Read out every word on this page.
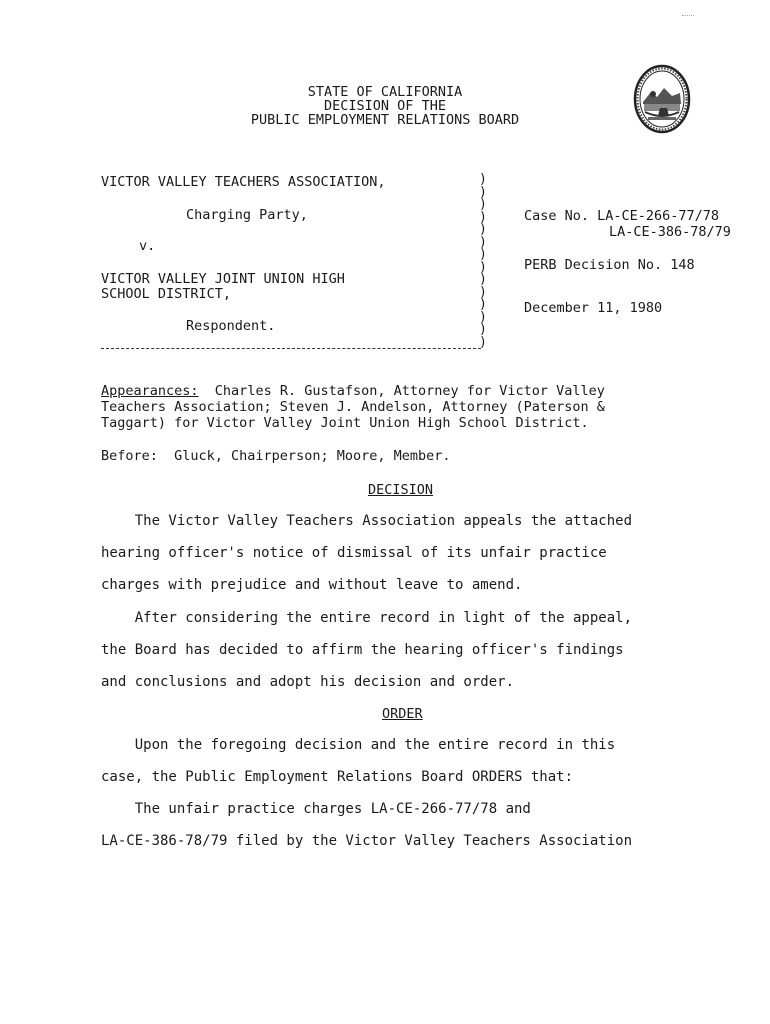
STATE OF CALIFORNIA
DECISION OF THE
PUBLIC EMPLOYMENT RELATIONS BOARD
VICTOR VALLEY TEACHERS ASSOCIATION,
Charging Party,
v.
VICTOR VALLEY JOINT UNION HIGH
SCHOOL DISTRICT,
Respondent.
)
)
)
)
)
)
)
)
)
)
)
)
)
)
Case No. LA-CE-266-77/78
LA-CE-386-78/79
PERB Decision No. 148
December 11, 1980
Appearances:  Charles R. Gustafson, Attorney for Victor Valley
Teachers Association; Steven J. Andelson, Attorney (Paterson &
Taggart) for Victor Valley Joint Union High School District.
Before:  Gluck, Chairperson; Moore, Member.
DECISION
The Victor Valley Teachers Association appeals the attached
hearing officer's notice of dismissal of its unfair practice
charges with prejudice and without leave to amend.
After considering the entire record in light of the appeal,
the Board has decided to affirm the hearing officer's findings
and conclusions and adopt his decision and order.
ORDER
Upon the foregoing decision and the entire record in this
case, the Public Employment Relations Board ORDERS that:
The unfair practice charges LA-CE-266-77/78 and
LA-CE-386-78/79 filed by the Victor Valley Teachers Association
